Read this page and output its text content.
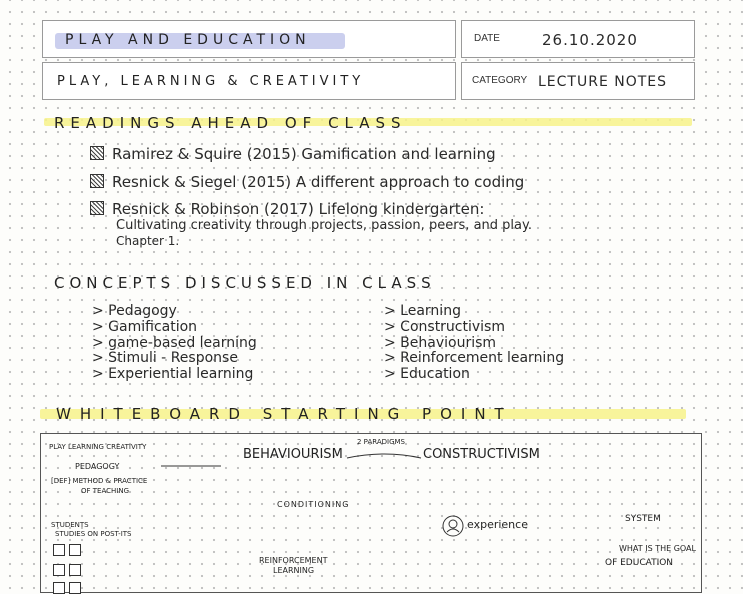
PLAY AND EDUCATION	DATE	26.10.2020
PLAY, LEARNING & CREATIVITY	CATEGORY LECTURE NOTES
READINGS AHEAD OF CLASS
Ramirez & Squire (2015) Gamification and learning
Resnick & Siegel (2015) A different approach to coding
Resnick & Robinson (2017) Lifelong kindergarten:
Cultivating creativity through projects, passion, peers, and play.
Chapter 1.
CONCEPTS DISCUSSED IN CLASS
> Pedagogy
> Gamification
> game-based learning
> Stimuli - Response
> Experiential learning
> Learning
> Constructivism
> Behaviourism
> Reinforcement learning
> Education
WHITEBOARD STARTING POINT
PLAY LEARNING CREATIVITY
PEDAGOGY
[DEF] METHOD & PRACTICE
OF TEACHING
BEHAVIOURISM
2 PARADIGMS
CONSTRUCTIVISM
CONDITIONING
STUDENTS
STUDIES ON POST-ITS
experience	SYSTEM
WHAT IS THE GOAL
OF EDUCATION
REINFORCEMENT
LEARNING
